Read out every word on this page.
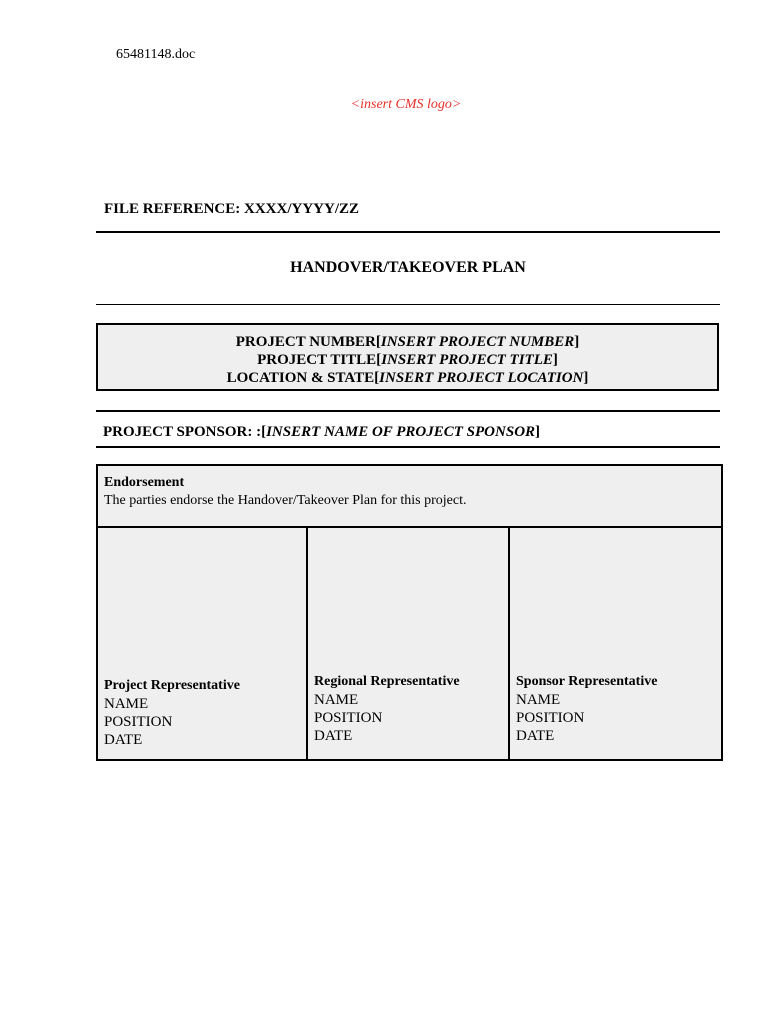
65481148.doc
<insert CMS logo>
FILE REFERENCE: XXXX/YYYY/ZZ
HANDOVER/TAKEOVER PLAN
PROJECT NUMBER[INSERT PROJECT NUMBER]
PROJECT TITLE[INSERT PROJECT TITLE]
LOCATION & STATE[INSERT PROJECT LOCATION]
PROJECT SPONSOR: :[INSERT NAME OF PROJECT SPONSOR]
Endorsement
The parties endorse the Handover/Takeover Plan for this project.
Project Representative
NAME
POSITION
DATE
Regional Representative
NAME
POSITION
DATE
Sponsor Representative
NAME
POSITION
DATE
